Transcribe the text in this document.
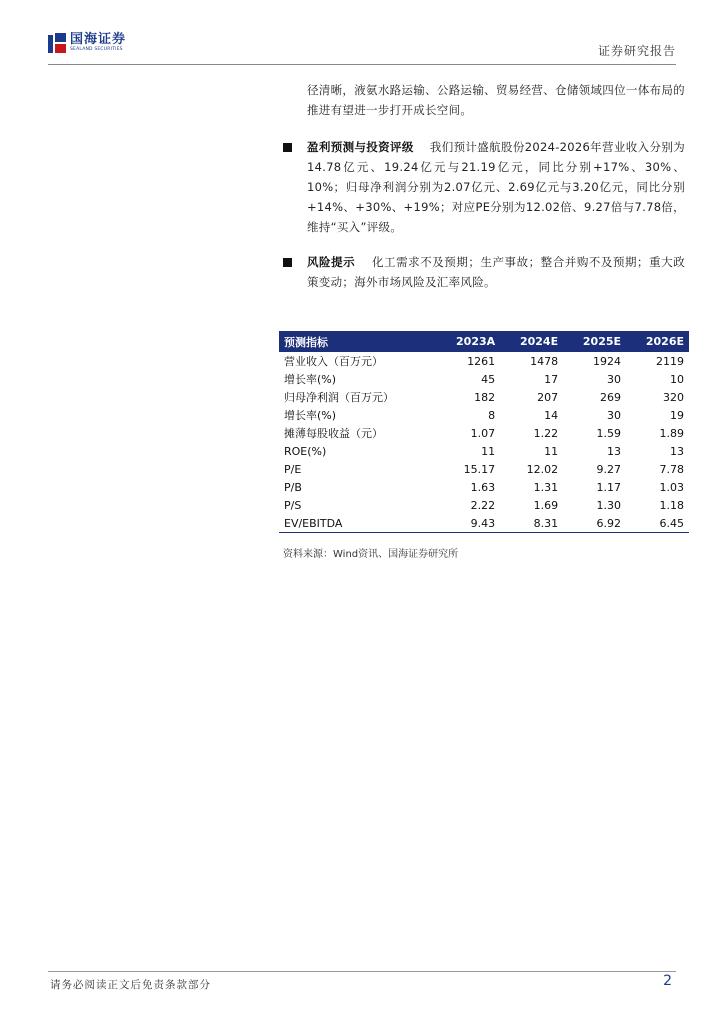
国海证券
SEALAND SECURITIES	证券研究报告
径清晰，液氨水路运输、公路运输、贸易经营、仓储领域四位一体布局的推进有望进一步打开成长空间。
盈利预测与投资评级 我们预计盛航股份2024-2026年营业收入分别为14.78亿元、19.24亿元与21.19亿元，同比分别+17%、30%、10%；归母净利润分别为2.07亿元、2.69亿元与3.20亿元，同比分别+14%、+30%、+19%；对应PE分别为12.02倍、9.27倍与7.78倍，维持“买入”评级。
风险提示 化工需求不及预期；生产事故；整合并购不及预期；重大政策变动；海外市场风险及汇率风险。
预测指标	2023A	2024E	2025E	2026E
营业收入（百万元）	1261	1478	1924	2119
增长率(%)	45	17	30	10
归母净利润（百万元）	182	207	269	320
增长率(%)	8	14	30	19
摊薄每股收益（元）	1.07	1.22	1.59	1.89
ROE(%)	11	11	13	13
P/E	15.17	12.02	9.27	7.78
P/B	1.63	1.31	1.17	1.03
P/S	2.22	1.69	1.30	1.18
EV/EBITDA	9.43	8.31	6.92	6.45
资料来源：Wind资讯、国海证券研究所
请务必阅读正文后免责条款部分	2
